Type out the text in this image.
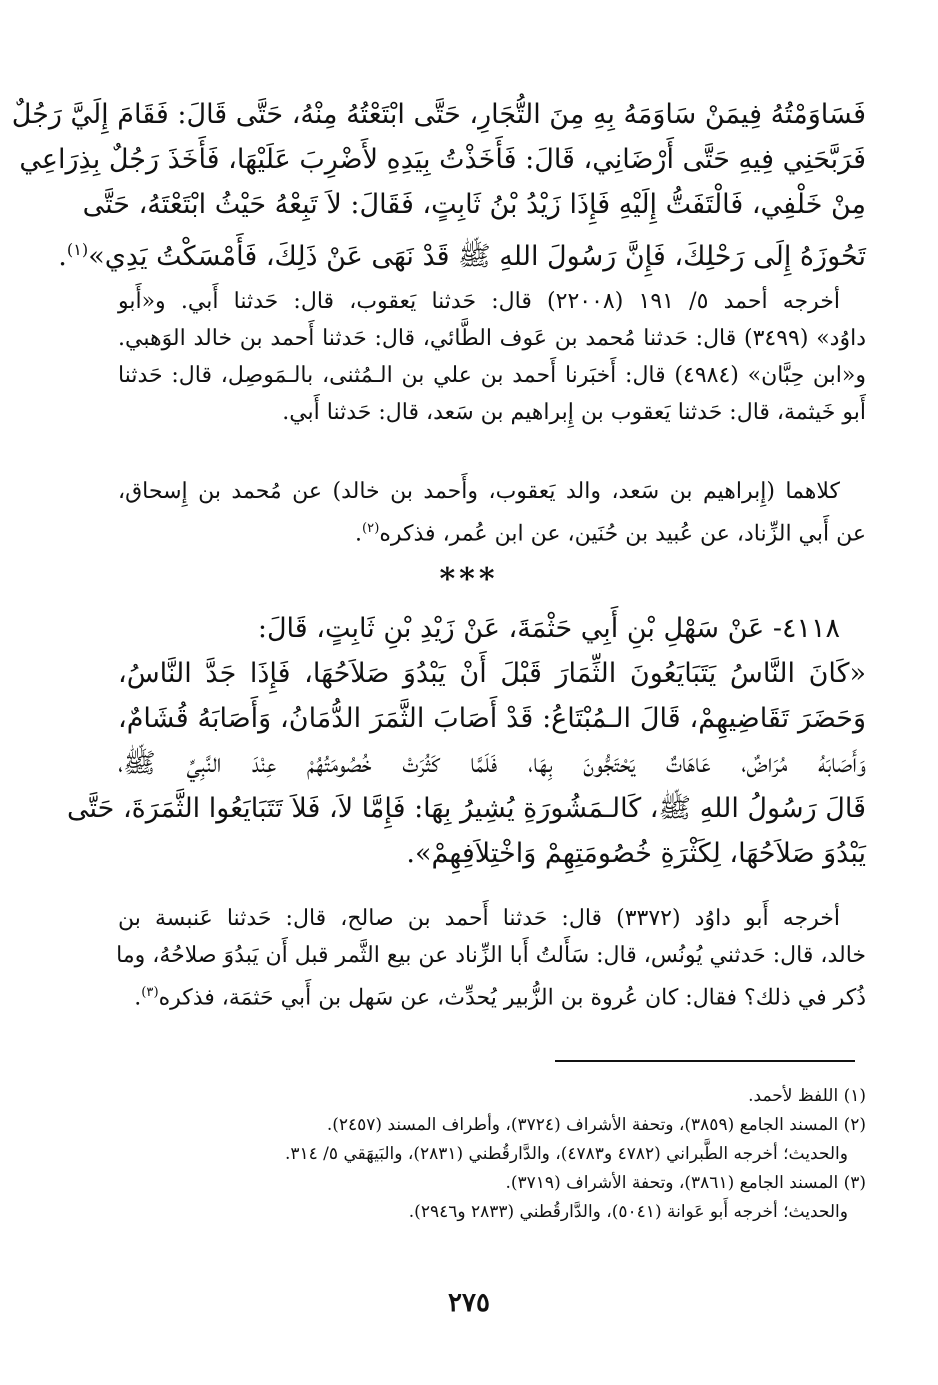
فَسَاوَمْتُهُ فِيمَنْ سَاوَمَهُ بِهِ مِنَ التُّجَارِ، حَتَّى ابْتَعْتُهُ مِنْهُ، حَتَّى قَالَ: فَقَامَ إِلَيَّ رَجُلٌ
فَرَبَّحَنِي فِيهِ حَتَّى أَرْضَانِي، قَالَ: فَأَخَذْتُ بِيَدِهِ لأَضْرِبَ عَلَيْهَا، فَأَخَذَ رَجُلٌ بِذِرَاعِي
مِنْ خَلْفِي، فَالْتَفَتُّ إِلَيْهِ فَإِذَا زَيْدُ بْنُ ثَابِتٍ، فَقَالَ: لاَ تَبِعْهُ حَيْثُ ابْتَعْتَهُ، حَتَّى
تَحُوزَهُ إِلَى رَحْلِكَ، فَإِنَّ رَسُولَ اللهِ ﷺ قَدْ نَهَى عَنْ ذَلِكَ، فَأَمْسَكْتُ يَدِي»$^{(١)}$.
أخرجه أحمد ٥/ ١٩١ (٢٢٠٠٨) قال: حَدثنا يَعقوب، قال: حَدثنا أَبي. و«أَبو
داوُد» (٣٤٩٩) قال: حَدثنا مُحمد بن عَوف الطَّائي، قال: حَدثنا أَحمد بن خالد الوَهبي.
و«ابن حِبَّان» (٤٩٨٤) قال: أَخبَرنا أَحمد بن علي بن الـمُثنى، بالـمَوصِل، قال: حَدثنا
أَبو خَيثمة، قال: حَدثنا يَعقوب بن إِبراهيم بن سَعد، قال: حَدثنا أَبي.
كلاهما (إِبراهيم بن سَعد، والد يَعقوب، وأَحمد بن خالد) عن مُحمد بن إِسحاق،
عن أَبي الزِّناد، عن عُبيد بن حُنَين، عن ابن عُمر، فذكره$^{(٢)}$.
***
٤١١٨- عَنْ سَهْلِ بْنِ أَبِي حَثْمَةَ، عَنْ زَيْدِ بْنِ ثَابِتٍ، قَالَ:
«كَانَ النَّاسُ يَتَبَايَعُونَ الثِّمَارَ قَبْلَ أَنْ يَبْدُوَ صَلاَحُهَا، فَإِذَا جَدَّ النَّاسُ،
وَحَضَرَ تَقَاضِيهِمْ، قَالَ الـمُبْتَاعُ: قَدْ أَصَابَ الثَّمَرَ الدُّمَانُ، وَأَصَابَهُ قُشَامٌ،
وَأَصَابَهُ مُرَاضٌ، عَاهَاتٌ يَحْتَجُّونَ بِهَا، فَلَمَّا كَثُرَتْ خُصُومَتُهُمْ عِنْدَ النَّبِيِّ ﷺ،
قَالَ رَسُولُ اللهِ ﷺ، كَالـمَشُورَةِ يُشِيرُ بِهَا: فَإِمَّا لاَ، فَلاَ تَتَبَايَعُوا الثَّمَرَةَ، حَتَّى
يَبْدُوَ صَلاَحُهَا، لِكَثْرَةِ خُصُومَتِهِمْ وَاخْتِلاَفِهِمْ».
أخرجه أَبو داوُد (٣٣٧٢) قال: حَدثنا أَحمد بن صالح، قال: حَدثنا عَنبسة بن
خالد، قال: حَدثني يُونُس، قال: سَأَلتُ أَبا الزِّناد عن بيع الثَّمر قبل أَن يَبدُوَ صلاحُهُ، وما
ذُكر في ذلك؟ فقال: كان عُروة بن الزُّبير يُحدِّث، عن سَهل بن أَبي حَثمَة، فذكره$^{(٣)}$.
(١) اللفظ لأحمد.
(٢) المسند الجامع (٣٨٥٩)، وتحفة الأشراف (٣٧٢٤)، وأطراف المسند (٢٤٥٧).
والحديث؛ أخرجه الطَّبراني (٤٧٨٢ و٤٧٨٣)، والدَّارقُطني (٢٨٣١)، والبَيهَقي ٥/ ٣١٤.
(٣) المسند الجامع (٣٨٦١)، وتحفة الأشراف (٣٧١٩).
والحديث؛ أخرجه أَبو عَوانة (٥٠٤١)، والدَّارقُطني (٢٨٣٣ و٢٩٤٦).
٢٧٥
